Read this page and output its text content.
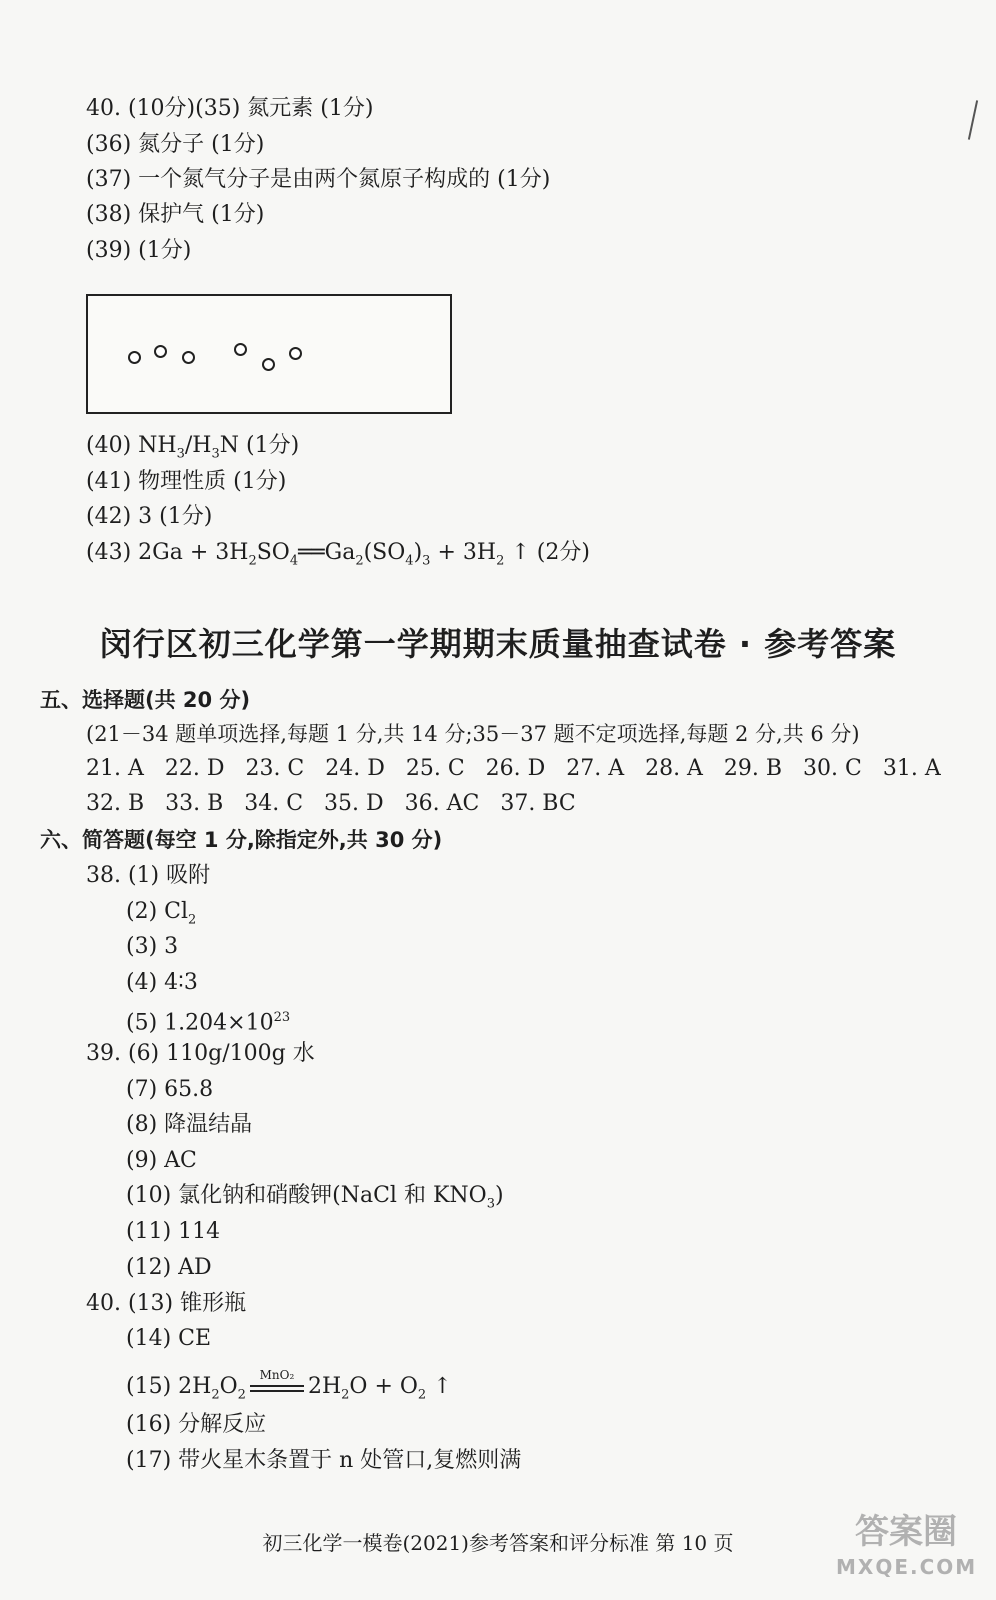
40. (10分)(35) 氮元素 (1分)
(36) 氮分子 (1分)
(37) 一个氮气分子是由两个氮原子构成的 (1分)
(38) 保护气 (1分)
(39) (1分)
(40) $NH_3/H_3N$ (1分)
(41) 物理性质 (1分)
(42) 3 (1分)
(43) $2Ga + 3H_2SO_4══Ga_2(SO_4)_3 + 3H_2$ ↑ (2分)
闵行区初三化学第一学期期末质量抽查试卷 · 参考答案
五、选择题(共 20 分)
(21－34 题单项选择,每题 1 分,共 14 分;35－37 题不定项选择,每题 2 分,共 6 分)
21. A   22. D   23. C   24. D   25. C   26. D   27. A   28. A   29. B   30. C   31. A
32. B   33. B   34. C   35. D   36. AC   37. BC
六、简答题(每空 1 分,除指定外,共 30 分)
38. (1) 吸附
(2) $Cl_2$
(3) 3
(4) 4∶3
(5) $1.204\times 10^{23}$
39. (6) 110g/100g 水
(7) 65.8
(8) 降温结晶
(9) AC
(10) 氯化钠和硝酸钾(NaCl 和 $KNO_3$)
(11) 114
(12) AD
40. (13) 锥形瓶
(14) CE
(15) $2H_2O_2$
MnO₂ $2H_2O + O_2$ ↑
(16) 分解反应
(17) 带火星木条置于 n 处管口,复燃则满
初三化学一模卷(2021)参考答案和评分标准 第 10 页	答案圈
MXQE.COM
